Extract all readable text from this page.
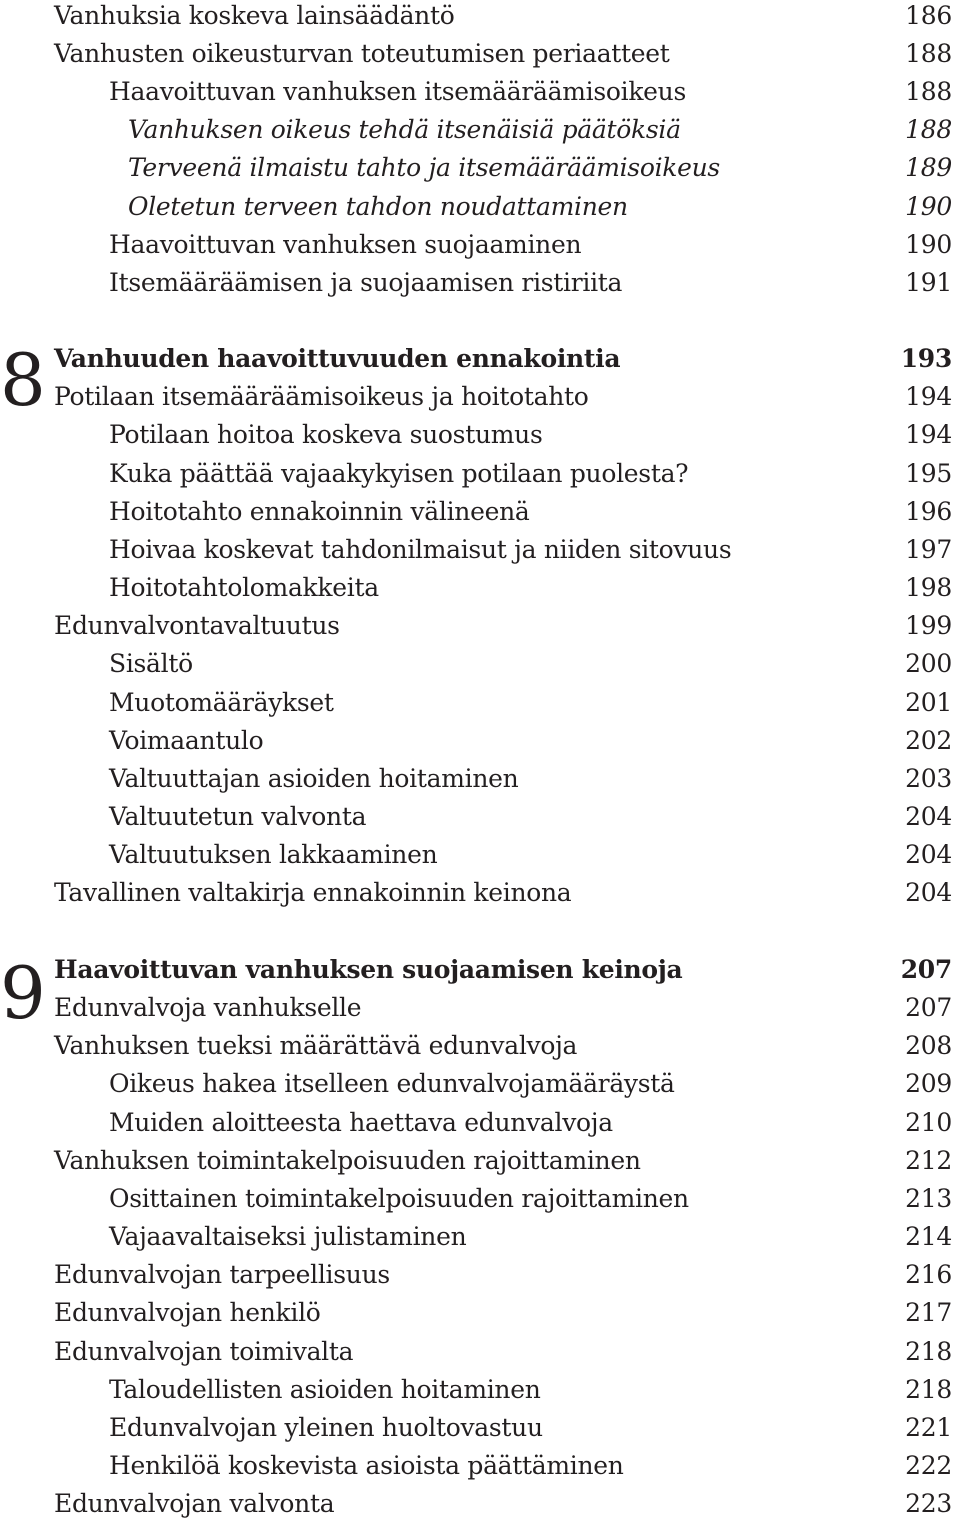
8
9
Vanhuksia koskeva lainsäädäntö	186
Vanhusten oikeusturvan toteutumisen periaatteet	188
Haavoittuvan vanhuksen itsemääräämisoikeus	188
Vanhuksen oikeus tehdä itsenäisiä päätöksiä	188
Terveenä ilmaistu tahto ja itsemääräämisoikeus	189
Oletetun terveen tahdon noudattaminen	190
Haavoittuvan vanhuksen suojaaminen	190
Itsemääräämisen ja suojaamisen ristiriita	191
Vanhuuden haavoittuvuuden ennakointia	193
Potilaan itsemääräämisoikeus ja hoitotahto	194
Potilaan hoitoa koskeva suostumus	194
Kuka päättää vajaakykyisen potilaan puolesta?	195
Hoitotahto ennakoinnin välineenä	196
Hoivaa koskevat tahdonilmaisut ja niiden sitovuus	197
Hoitotahtolomakkeita	198
Edunvalvontavaltuutus	199
Sisältö	200
Muotomääräykset	201
Voimaantulo	202
Valtuuttajan asioiden hoitaminen	203
Valtuutetun valvonta	204
Valtuutuksen lakkaaminen	204
Tavallinen valtakirja ennakoinnin keinona	204
Haavoittuvan vanhuksen suojaamisen keinoja	207
Edunvalvoja vanhukselle	207
Vanhuksen tueksi määrättävä edunvalvoja	208
Oikeus hakea itselleen edunvalvojamääräystä	209
Muiden aloitteesta haettava edunvalvoja	210
Vanhuksen toimintakelpoisuuden rajoittaminen	212
Osittainen toimintakelpoisuuden rajoittaminen	213
Vajaavaltaiseksi julistaminen	214
Edunvalvojan tarpeellisuus	216
Edunvalvojan henkilö	217
Edunvalvojan toimivalta	218
Taloudellisten asioiden hoitaminen	218
Edunvalvojan yleinen huoltovastuu	221
Henkilöä koskevista asioista päättäminen	222
Edunvalvojan valvonta	223
